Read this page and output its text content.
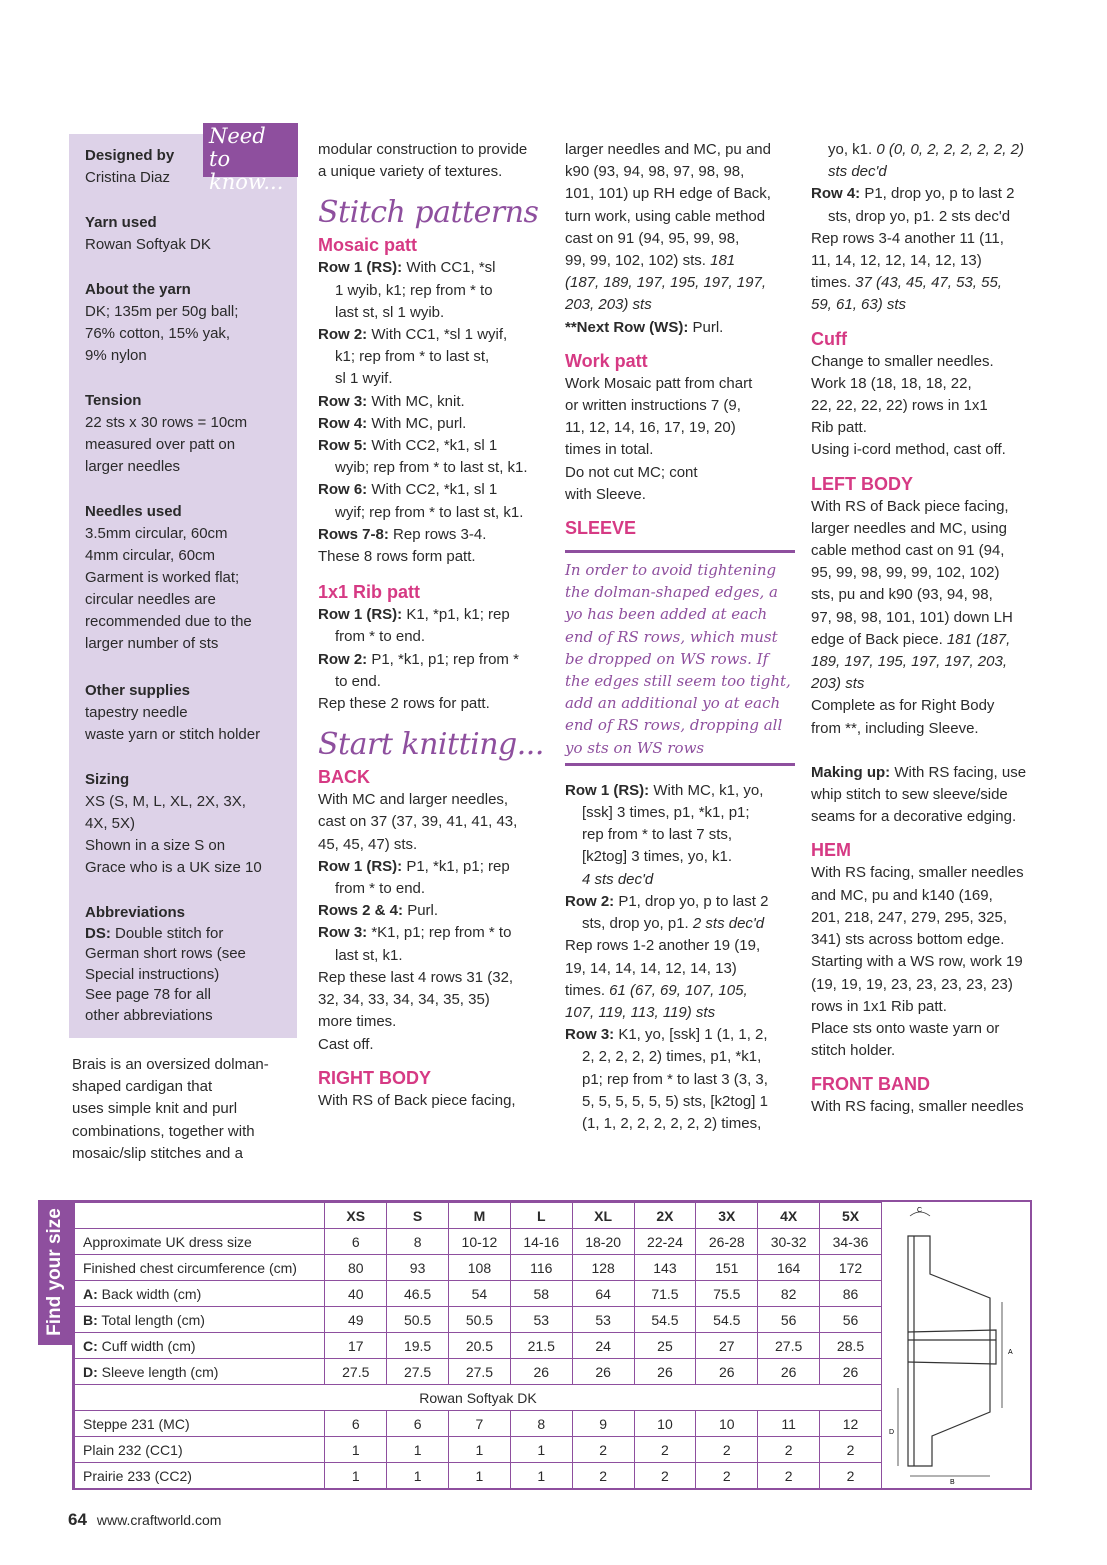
Need to
know...
Designed by
Cristina Diaz
Yarn used
Rowan Softyak DK
About the yarn
DK; 135m per 50g ball;
76% cotton, 15% yak,
9% nylon
Tension
22 sts x 30 rows = 10cm
measured over patt on
larger needles
Needles used
3.5mm circular, 60cm
4mm circular, 60cm
Garment is worked flat;
circular needles are
recommended due to the
larger number of sts
Other supplies
tapestry needle
waste yarn or stitch holder
Sizing
XS (S, M, L, XL, 2X, 3X,
4X, 5X)
Shown in a size S on
Grace who is a UK size 10
Abbreviations
DS: Double stitch for
German short rows (see
Special instructions)
See page 78 for all
other abbreviations

Brais is an oversized dolman-

shaped cardigan that

uses simple knit and purl

combinations, together with

mosaic/slip stitches and a

modular construction to provide

a unique variety of textures.

Stitch patterns
Mosaic patt

Row 1 (RS): With CC1, *sl

1 wyib, k1; rep from * to

last st, sl 1 wyib.

Row 2: With CC1, *sl 1 wyif,

k1; rep from * to last st,

sl 1 wyif.

Row 3: With MC, knit.

Row 4: With MC, purl.

Row 5: With CC2, *k1, sl 1

wyib; rep from * to last st, k1.

Row 6: With CC2, *k1, sl 1

wyif; rep from * to last st, k1.

Rows 7-8: Rep rows 3-4.

These 8 rows form patt.

1x1 Rib patt

Row 1 (RS): K1, *p1, k1; rep

from * to end.

Row 2: P1, *k1, p1; rep from *

to end.

Rep these 2 rows for patt.

Start knitting...
BACK

With MC and larger needles,

cast on 37 (37, 39, 41, 41, 43,

45, 45, 47) sts.

Row 1 (RS): P1, *k1, p1; rep

from * to end.

Rows 2 & 4: Purl.

Row 3: *K1, p1; rep from * to

last st, k1.

Rep these last 4 rows 31 (32,

32, 34, 33, 34, 34, 35, 35)

more times.

Cast off.

RIGHT BODY

With RS of Back piece facing,

larger needles and MC, pu and

k90 (93, 94, 98, 97, 98, 98,

101, 101) up RH edge of Back,

turn work, using cable method

cast on 91 (94, 95, 99, 98,

99, 99, 102, 102) sts. 181

(187, 189, 197, 195, 197, 197,

203, 203) sts

**Next Row (WS): Purl.

Work patt

Work Mosaic patt from chart

or written instructions 7 (9,

11, 12, 14, 16, 17, 19, 20)

times in total.

Do not cut MC; cont

with Sleeve.

SLEEVE

In order to avoid tightening

the dolman-shaped edges, a

yo has been added at each

end of RS rows, which must

be dropped on WS rows. If

the edges still seem too tight,

add an additional yo at each

end of RS rows, dropping all

yo sts on WS rows

Row 1 (RS): With MC, k1, yo,

[ssk] 3 times, p1, *k1, p1;

rep from * to last 7 sts,

[k2tog] 3 times, yo, k1.

4 sts dec'd

Row 2: P1, drop yo, p to last 2

sts, drop yo, p1. 2 sts dec'd

Rep rows 1-2 another 19 (19,

19, 14, 14, 14, 12, 14, 13)

times. 61 (67, 69, 107, 105,

107, 119, 113, 119) sts

Row 3: K1, yo, [ssk] 1 (1, 1, 2,

2, 2, 2, 2, 2) times, p1, *k1,

p1; rep from * to last 3 (3, 3,

5, 5, 5, 5, 5, 5) sts, [k2tog] 1

(1, 1, 2, 2, 2, 2, 2, 2) times,

yo, k1. 0 (0, 0, 2, 2, 2, 2, 2, 2)

sts dec'd

Row 4: P1, drop yo, p to last 2

sts, drop yo, p1. 2 sts dec'd

Rep rows 3-4 another 11 (11,

11, 14, 12, 12, 14, 12, 13)

times. 37 (43, 45, 47, 53, 55,

59, 61, 63) sts

Cuff

Change to smaller needles.

Work 18 (18, 18, 18, 22,

22, 22, 22, 22) rows in 1x1

Rib patt.

Using i-cord method, cast off.

LEFT BODY

With RS of Back piece facing,

larger needles and MC, using

cable method cast on 91 (94,

95, 99, 98, 99, 99, 102, 102)

sts, pu and k90 (93, 94, 98,

97, 98, 98, 101, 101) down LH

edge of Back piece. 181 (187,

189, 197, 195, 197, 197, 203,

203) sts

Complete as for Right Body

from **, including Sleeve.

Making up: With RS facing, use

whip stitch to sew sleeve/side

seams for a decorative edging.

HEM

With RS facing, smaller needles

and MC, pu and k140 (169,

201, 218, 247, 279, 295, 325,

341) sts across bottom edge.

Starting with a WS row, work 19

(19, 19, 19, 23, 23, 23, 23, 23)

rows in 1x1 Rib patt.

Place sts onto waste yarn or

stitch holder.

FRONT BAND

With RS facing, smaller needles

Find your size
		XS	S	M	L	XL	2X	3X	4X	5X
Approximate UK dress size	6	8	10-12	14-16	18-20	22-24	26-28	30-32	34-36
Finished chest circumference (cm)	80	93	108	116	128	143	151	164	172
A: Back width (cm)	40	46.5	54	58	64	71.5	75.5	82	86
B: Total length (cm)	49	50.5	50.5	53	53	54.5	54.5	56	56
C: Cuff width (cm)	17	19.5	20.5	21.5	24	25	27	27.5	28.5
D: Sleeve length (cm)	27.5	27.5	27.5	26	26	26	26	26	26
Rowan Softyak DK									
Steppe 231 (MC)	6	6	7	8	9	10	10	11	12
Plain 232 (CC1)	1	1	1	1	2	2	2	2	2
Prairie 233 (CC2)	1	1	1	1	2	2	2	2	2
C
A
D
B
64 www.craftworld.com
